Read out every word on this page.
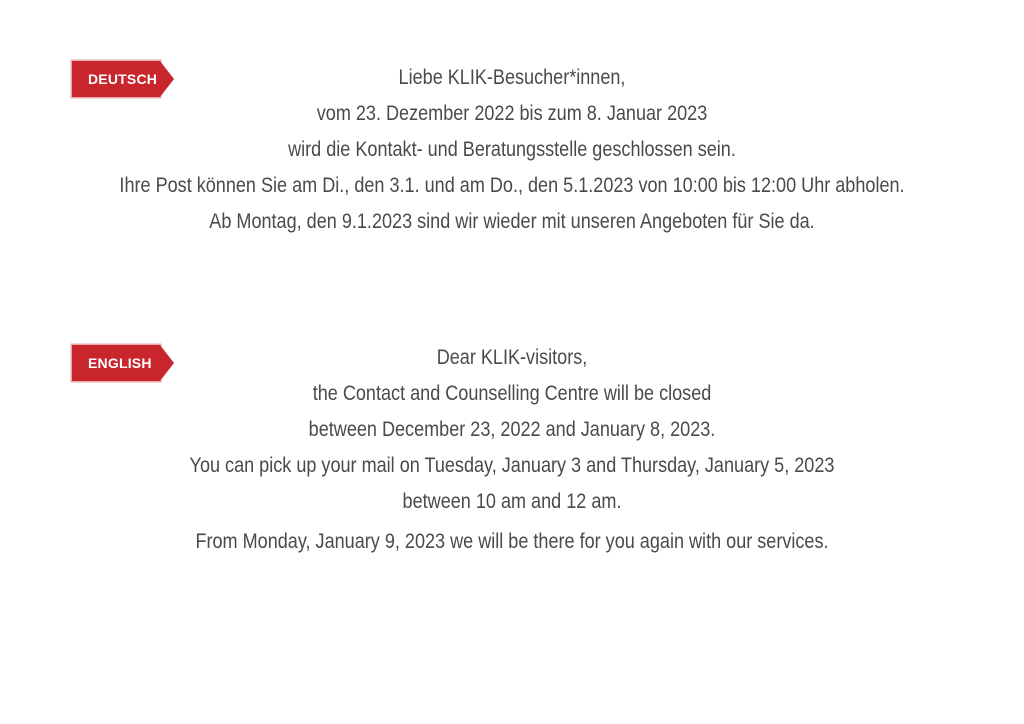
DEUTSCH	Liebe KLIK-Besucher*innen,
vom 23. Dezember 2022 bis zum 8. Januar 2023
wird die Kontakt- und Beratungsstelle geschlossen sein.
Ihre Post können Sie am Di., den 3.1. und am Do., den 5.1.2023 von 10:00 bis 12:00 Uhr abholen.
Ab Montag, den 9.1.2023 sind wir wieder mit unseren Angeboten für Sie da.
ENGLISH	Dear KLIK-visitors,
the Contact and Counselling Centre will be closed
between December 23, 2022 and January 8, 2023.
You can pick up your mail on Tuesday, January 3 and Thursday, January 5, 2023
between 10 am and 12 am.
From Monday, January 9, 2023 we will be there for you again with our services.
